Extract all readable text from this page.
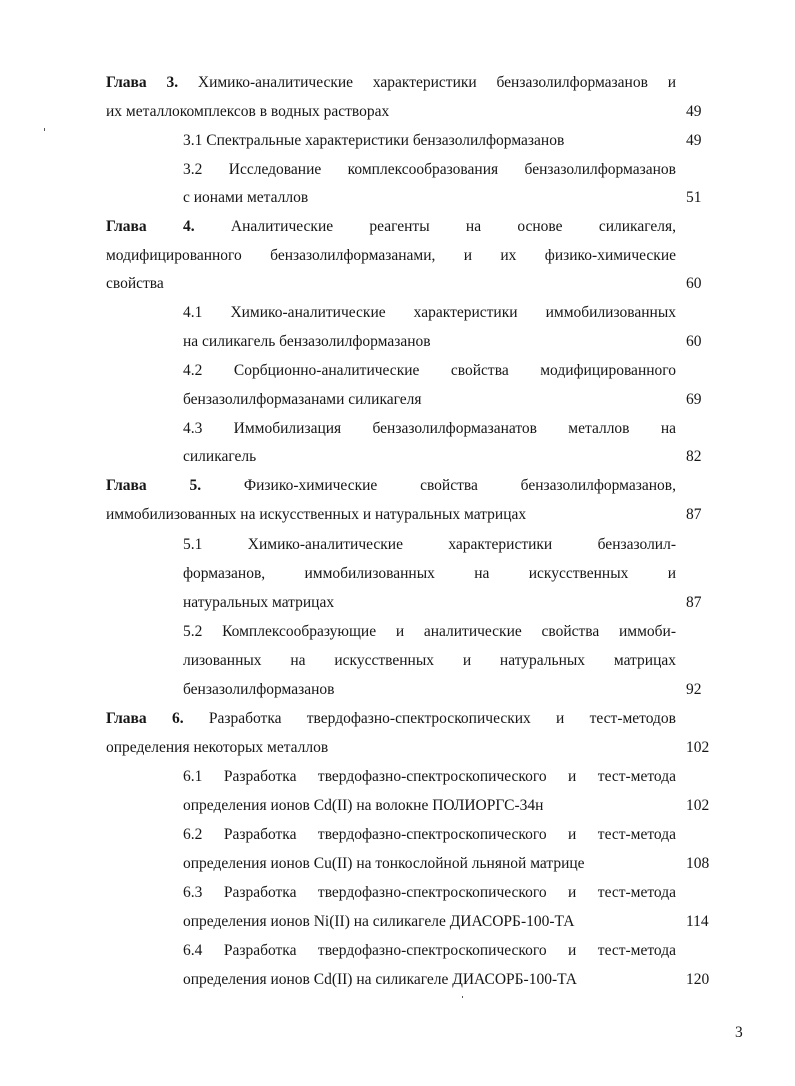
Глава 3. Химико-аналитические характеристики бензазолилформазанов и
их металлокомплексов в водных растворах	49
3.1 Спектральные характеристики бензазолилформазанов	49
3.2 Исследование комплексообразования бензазолилформазанов
с ионами металлов	51
Глава 4. Аналитические реагенты на основе силикагеля,
модифицированного бензазолилформазанами, и их физико-химические
свойства	60
4.1 Химико-аналитические характеристики иммобилизованных
на силикагель бензазолилформазанов	60
4.2 Сорбционно-аналитические свойства модифицированного
бензазолилформазанами силикагеля	69
4.3 Иммобилизация бензазолилформазанатов металлов на
силикагель	82
Глава	5.	Физико-химические	свойства	бензазолилформазанов,
иммобилизованных на искусственных и натуральных матрицах	87
5.1 Химико-аналитические характеристики бензазолил-
формазанов, иммобилизованных на искусственных и
натуральных матрицах	87
5.2 Комплексообразующие и аналитические свойства иммоби-
лизованных на искусственных и натуральных матрицах
бензазолилформазанов	92
Глава 6. Разработка твердофазно-спектроскопических и тест-методов
определения некоторых металлов	102
6.1 Разработка твердофазно-спектроскопического и тест-метода
определения ионов Cd(II) на волокне ПОЛИОРГС-34н	102
6.2 Разработка твердофазно-спектроскопического и тест-метода
определения ионов Cu(II) на тонкослойной льняной матрице	108
6.3 Разработка твердофазно-спектроскопического и тест-метода
определения ионов Ni(II) на силикагеле ДИАСОРБ-100-ТА	114
6.4 Разработка твердофазно-спектроскопического и тест-метода
определения ионов Cd(II) на силикагеле ДИАСОРБ-100-ТА	120
3
